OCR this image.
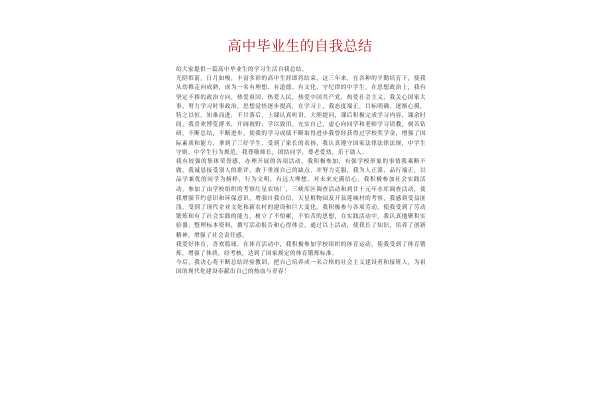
高中毕业生的自我总结

给大家提供一篇高中毕业生的学习生活自我总结。

光阴似箭，日月如梭，丰富多彩的高中生涯即将结束，这三年来，在各种的平勤培育下，使我从幼稚走向成熟，成为一名有理想、有道德、有文化、守纪律的中学生，在思想政治上，我有坚定不移的政治方向，热爱祖国，热爱人民，热爱中国共产党，热爱社会主义，我关心国家大事，努力学习时事政治，思想觉悟逐步提高，在学习上，我态度端正，目标明确，逐渐心摸，特之以恒，知难而进，不甘落后，上课认真听讲，大胆提问，课后积极完成学习内容，课余时间，我喜欢博览群书，开阔视野，学以致用，充实自己，虚心向同学和老师学习请教，刻苦钻研，不断总结，不断进步，使我的学习成绩不断取得进步我曾经获得过学校奖学金，增强了国际素质和能力，拿到了三好学生，受到了家长的表扬，我认真遵守国家法律法律法规，中学生守则，中学生行为规范，我尊敬师长，团结同学，尊老爱幼，乐于助人。

我有较强的集体荣誉感，办理开展的各项活动，我积极参加，有强学校形象的事情我乘断不做，我诚恳接受别人的批评，敢于重视自己的缺点，并努力克服，我为人正派，品行端正，以品学兼优的同学为榜样，行为文明，有远大理想，对未来充满信心，我积极参加社会实践活动，参加了由学校组织的考察红星农场厂，三峡库区调查活动和到甘十元年水库调查活动，使我增强节约意识和环保意识，增强自我自信，天星植物园及开县莲城村的考察，我感到受益匪浅，受到了现代企业文化和新农村的建设和巨大变化。我积极参与各项劳动，使我受到了劳动锻炼和有了社会实践的能力，树立了不怕累，不怕苦的思想，在实践活动中，我认真地聚积实验器，整理标本资料，撰写活动报告和心得体会，通过以上活动，使我长了知识，培养了创新精神，增强了社会责任感。

我爱好体育，喜欢篮球，在体育活动中，我积极参加学校组织的体育运动，使我受到了体育锻炼，增强了体质，经考核，达到了国家规定的体育锻炼标准。

今后，我决心将不断总结经验教训，把自己培养成一名合格的社会主义建设者和接班人，为祖国的现代化建设奉献出自己的热血与青春！
